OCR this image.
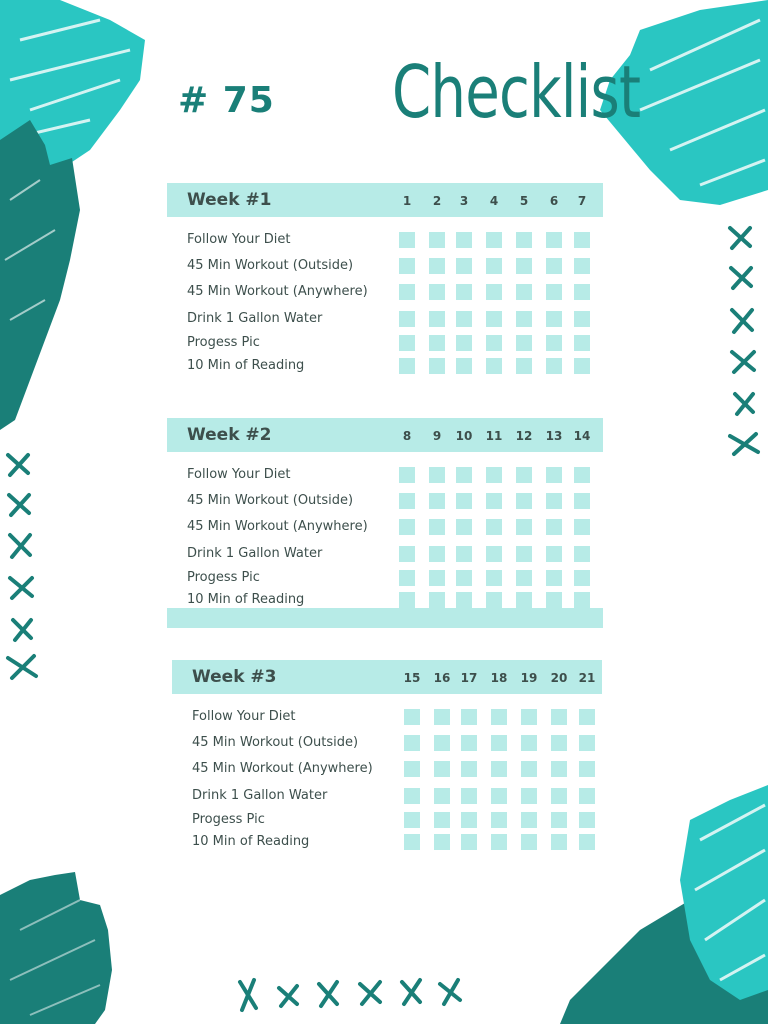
# 75 Checklist
Week #1	1	2	3	4	5	6	7
Follow Your Diet
45 Min Workout (Outside)
45 Min Workout (Anywhere)
Drink 1 Gallon Water
Progess Pic
10 Min of Reading
Week #2	8	9	10 11 12 13 14
Follow Your Diet
45 Min Workout (Outside)
45 Min Workout (Anywhere)
Drink 1 Gallon Water
Progess Pic
10 Min of Reading
Week #3	15 16 17 18 19 20 21
Follow Your Diet
45 Min Workout (Outside)
45 Min Workout (Anywhere)
Drink 1 Gallon Water
Progess Pic
10 Min of Reading
